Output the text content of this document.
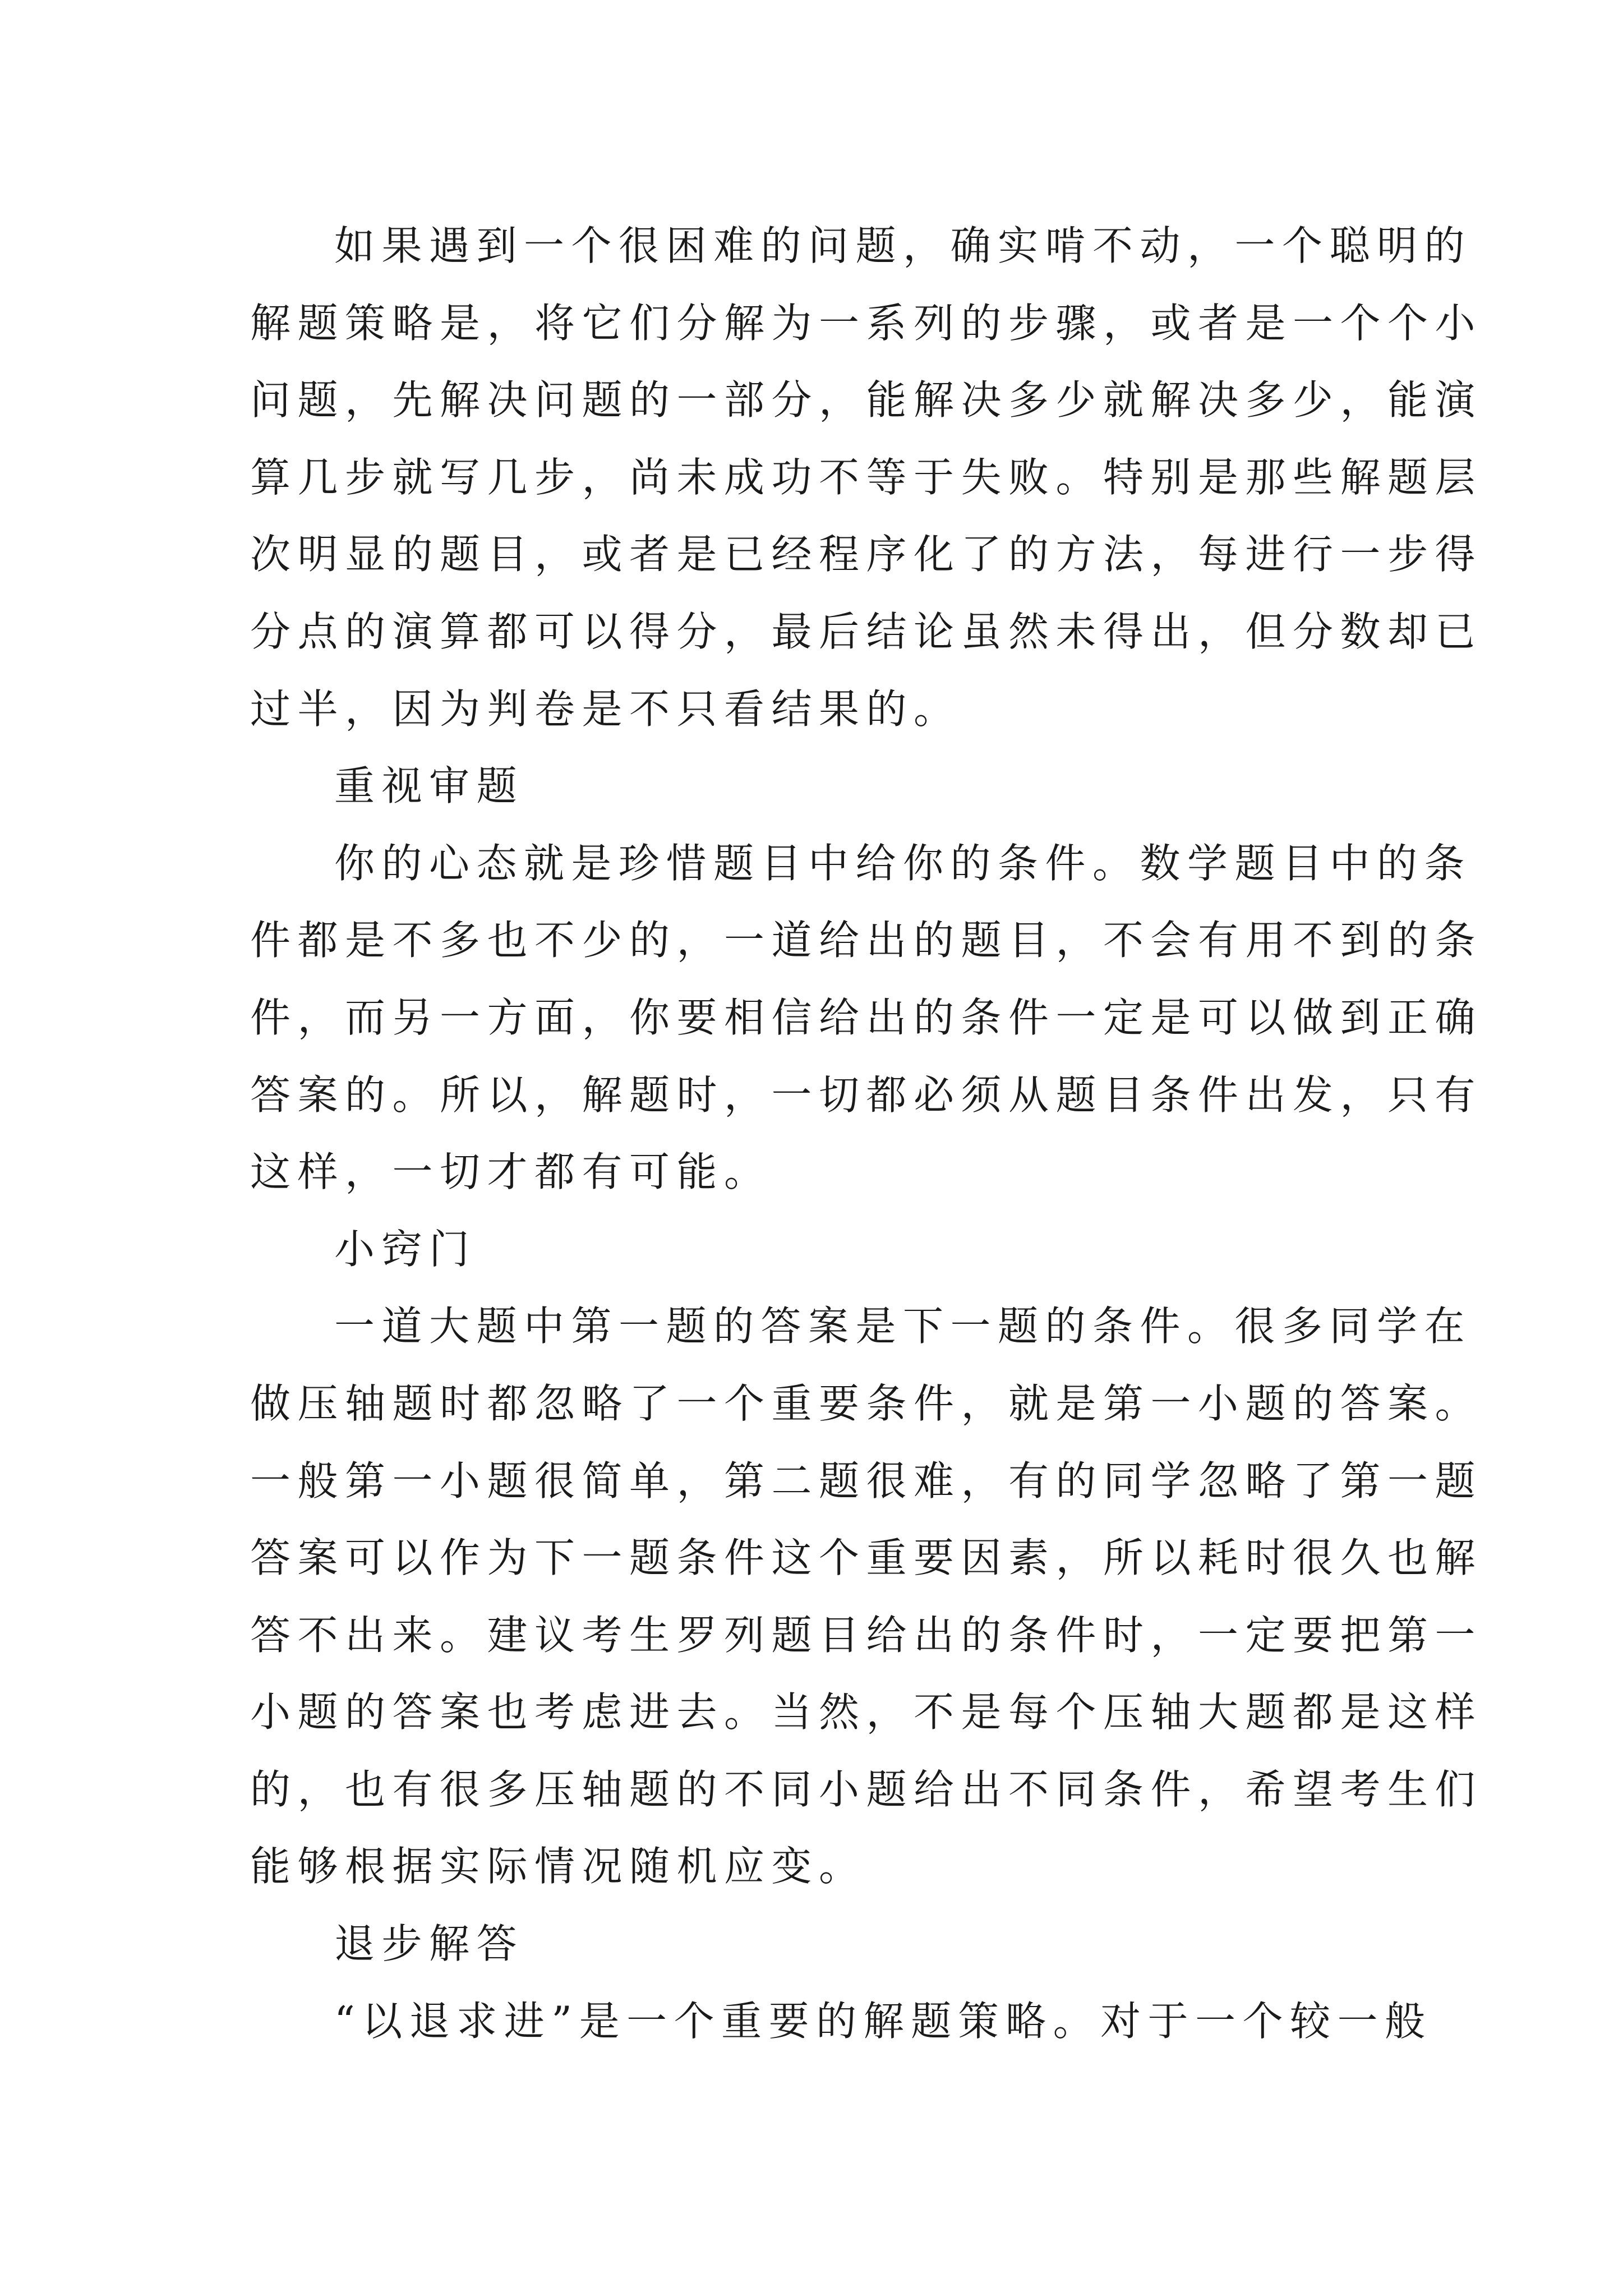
如果遇到一个很困难的问题，确实啃不动，一个聪明的
解题策略是，将它们分解为一系列的步骤，或者是一个个小
问题，先解决问题的一部分，能解决多少就解决多少，能演
算几步就写几步，尚未成功不等于失败。特别是那些解题层
次明显的题目，或者是已经程序化了的方法，每进行一步得
分点的演算都可以得分，最后结论虽然未得出，但分数却已
过半，因为判卷是不只看结果的。
重视审题
你的心态就是珍惜题目中给你的条件。数学题目中的条
件都是不多也不少的，一道给出的题目，不会有用不到的条
件，而另一方面，你要相信给出的条件一定是可以做到正确
答案的。所以，解题时，一切都必须从题目条件出发，只有
这样，一切才都有可能。
小窍门
一道大题中第一题的答案是下一题的条件。很多同学在
做压轴题时都忽略了一个重要条件，就是第一小题的答案。
一般第一小题很简单，第二题很难，有的同学忽略了第一题
答案可以作为下一题条件这个重要因素，所以耗时很久也解
答不出来。建议考生罗列题目给出的条件时，一定要把第一
小题的答案也考虑进去。当然，不是每个压轴大题都是这样
的，也有很多压轴题的不同小题给出不同条件，希望考生们
能够根据实际情况随机应变。
退步解答
“以退求进”是一个重要的解题策略。对于一个较一般
